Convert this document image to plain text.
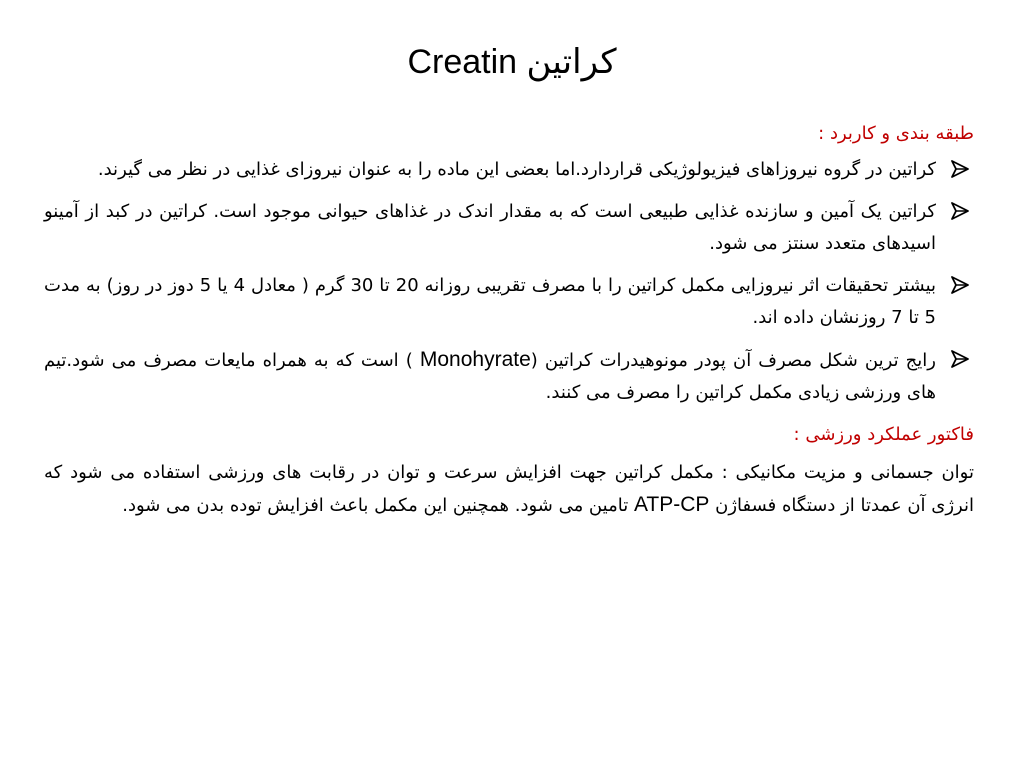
کراتین Creatin
طبقه بندی و کاربرد :
کراتین در گروه نیروزاهای فیزیولوژیکی قراردارد.اما بعضی این ماده را به عنوان نیروزای غذایی در نظر می گیرند.
کراتین یک آمین و سازنده غذایی طبیعی است که به مقدار اندک در غذاهای حیوانی موجود است. کراتین در کبد از آمینو اسیدهای متعدد سنتز می شود.
بیشتر تحقیقات اثر نیروزایی مکمل کراتین را با مصرف تقریبی روزانه 20 تا 30 گرم ( معادل 4 یا 5 دوز در روز) به مدت 5 تا 7 روزنشان داده اند.
رایج ترین شکل مصرف آن پودر مونوهیدرات کراتین (Monohyrate ) است که به همراه مایعات مصرف می شود.تیم های ورزشی زیادی مکمل کراتین را مصرف می کنند.
فاکتور عملکرد ورزشی :

توان جسمانی و مزیت مکانیکی : مکمل کراتین جهت افزایش سرعت و توان در رقابت های ورزشی استفاده می شود که انرژی آن عمدتا از دستگاه فسفاژن ATP-CP تامین می شود. همچنین این مکمل باعث افزایش توده بدن می شود.
